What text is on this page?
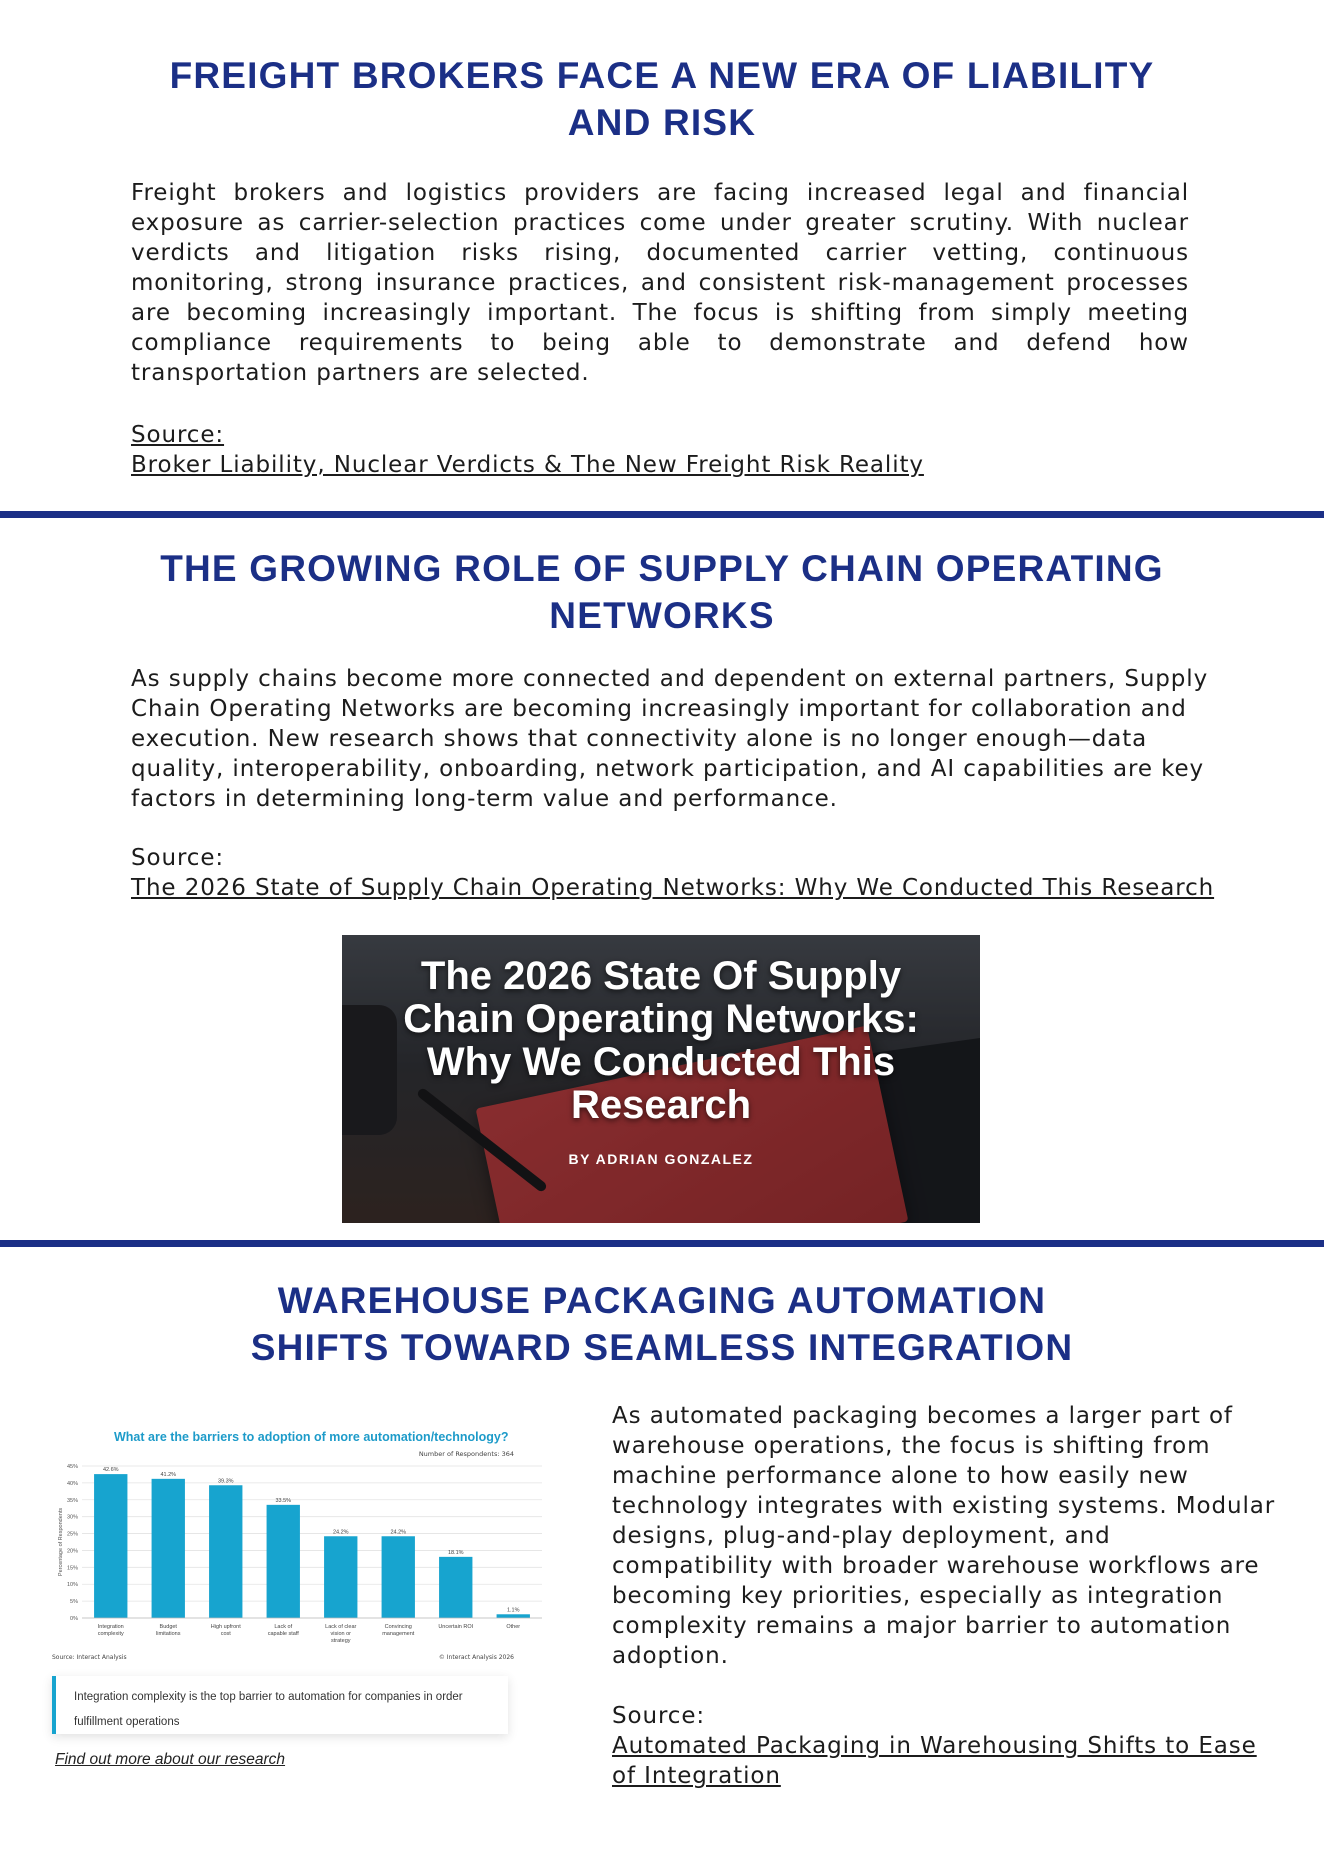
FREIGHT BROKERS FACE A NEW ERA OF LIABILITY
AND RISK

Freight brokers and logistics providers are facing increased legal and financial exposure as carrier-selection practices come under greater scrutiny. With nuclear verdicts and litigation risks rising, documented carrier vetting, continuous monitoring, strong insurance practices, and consistent risk-management processes are becoming increasingly important. The focus is shifting from simply meeting compliance requirements to being able to demonstrate and defend how transportation partners are selected.

Source:

Broker Liability, Nuclear Verdicts & The New Freight Risk Reality
THE GROWING ROLE OF SUPPLY CHAIN OPERATING
NETWORKS

As supply chains become more connected and dependent on external partners, Supply Chain Operating Networks are becoming increasingly important for collaboration and execution. New research shows that connectivity alone is no longer enough—data quality, interoperability, onboarding, network participation, and AI capabilities are key factors in determining long-term value and performance.

Source:

The 2026 State of Supply Chain Operating Networks: Why We Conducted This Research

The 2026 State Of Supply
Chain Operating Networks:
Why We Conducted This
Research

BY ADRIAN GONZALEZ

WAREHOUSE PACKAGING AUTOMATION
SHIFTS TOWARD SEAMLESS INTEGRATION

What are the barriers to adoption of more automation/technology?

Number of Respondents: 364

Percentage of Respondents
0%
5%
10%
15%
20%
25%
30%
35%
40%
45%
42.6%
Integration complexity
41.2%
Budget limitations
39.3%
High upfront cost
33.5%
Lack of capable staff
24.2%
Lack of clear vision or strategy
24.2%
Convincing management
18.1%
Uncertain ROI
1.1%
Other

Source: Interact Analysis	© Interact Analysis 2026

Integration complexity is the top barrier to automation for companies in order fulfillment operations

Find out more about our research

As automated packaging becomes a larger part of warehouse operations, the focus is shifting from machine performance alone to how easily new technology integrates with existing systems. Modular designs, plug-and-play deployment, and compatibility with broader warehouse workflows are becoming key priorities, especially as integration complexity remains a major barrier to automation adoption.

Source:

Automated Packaging in Warehousing Shifts to Ease of Integration
